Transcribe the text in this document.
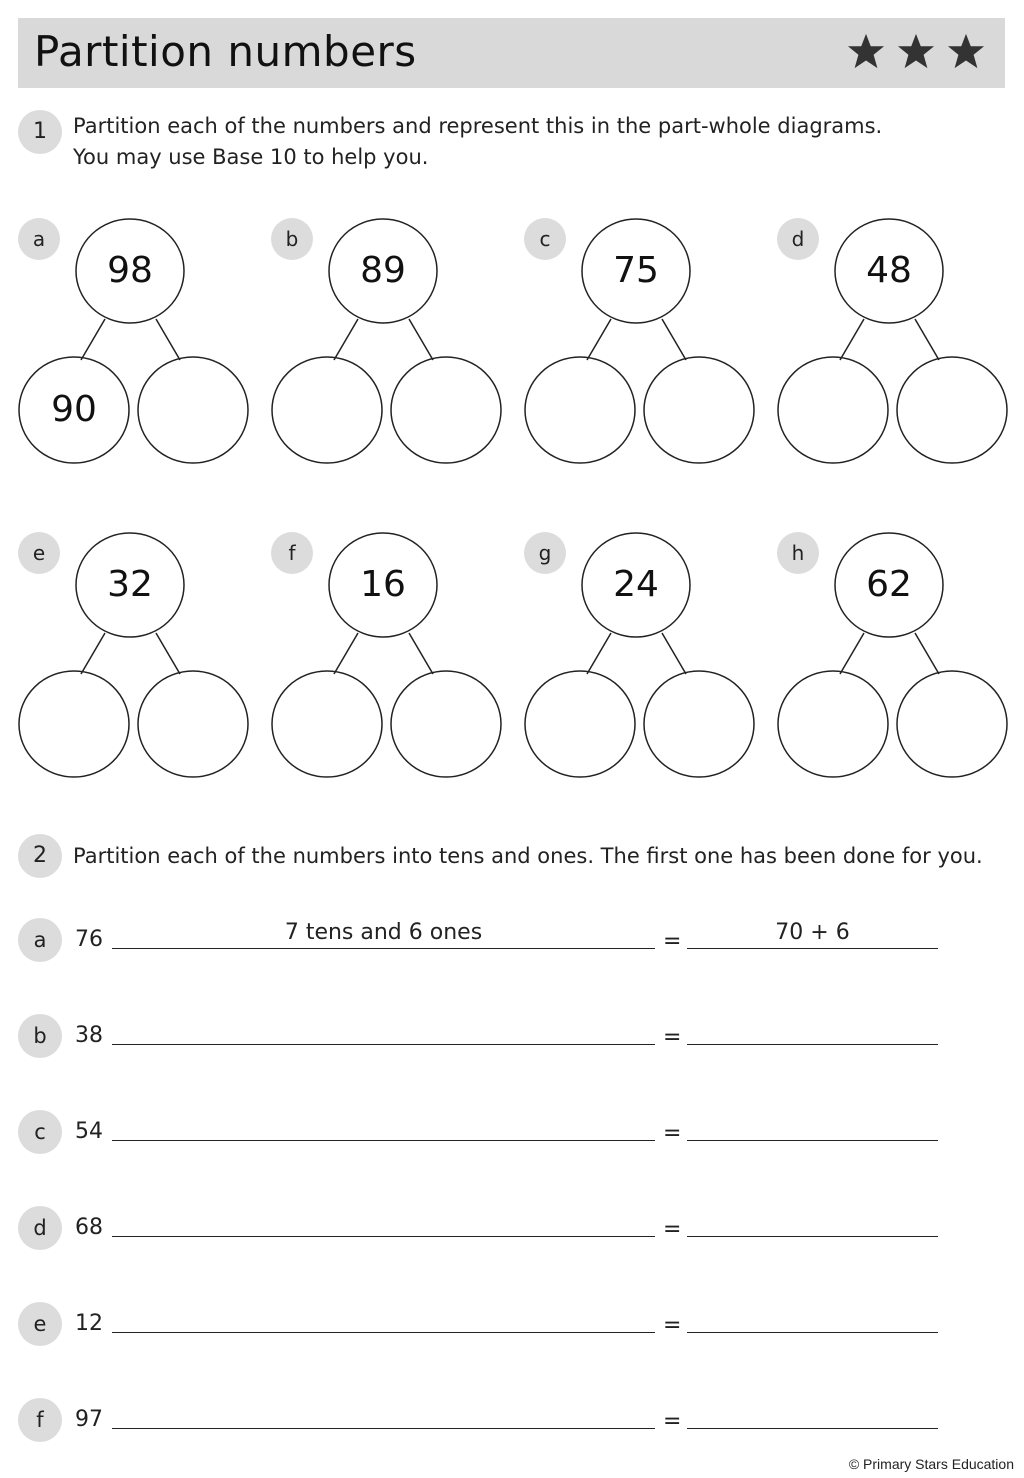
Partition numbers
1	Partition each of the numbers and represent this in the part-whole diagrams.
You may use Base 10 to help you.
a
98
90
b
89
c
75
d
48
e
32
f
16
g
24
h
62
2	Partition each of the numbers into tens and ones. The first one has been done for you.
a	76	7 tens and 6 ones	=	70 + 6
b	38	=
c	54	=
d	68	=
e	12	=
f	97	=
© Primary Stars Education
